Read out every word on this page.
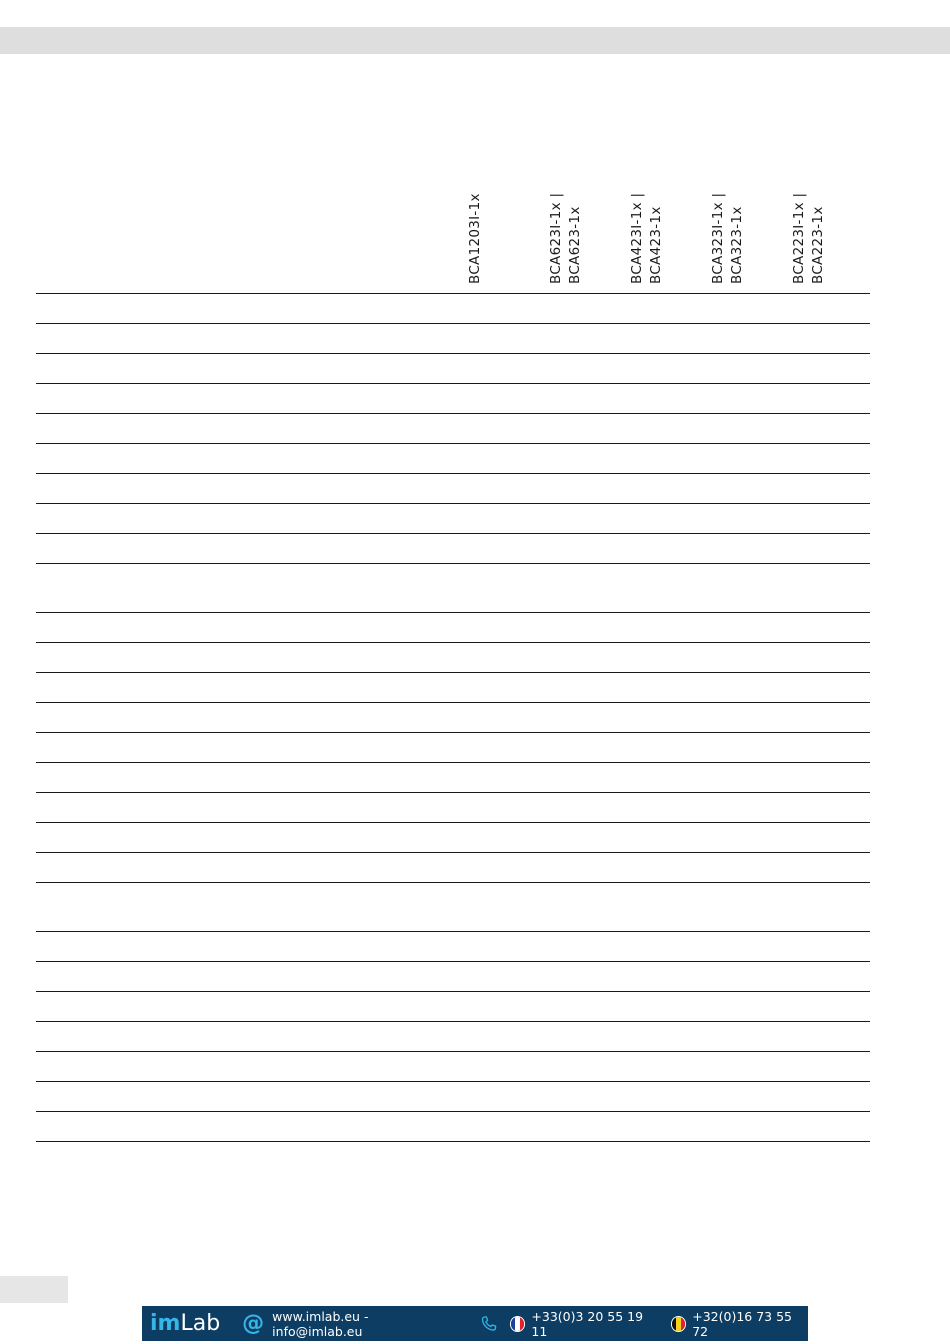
BCA1203I-1x	BCA623I-1x | BCA623-1x	BCA423I-1x | BCA423-1x	BCA323I-1x | BCA323-1x	BCA223I-1x | BCA223-1x
im Lab @ www.imlab.eu - info@imlab.eu
+33(0)3 20 55 19 11
+32(0)16 73 55 72
